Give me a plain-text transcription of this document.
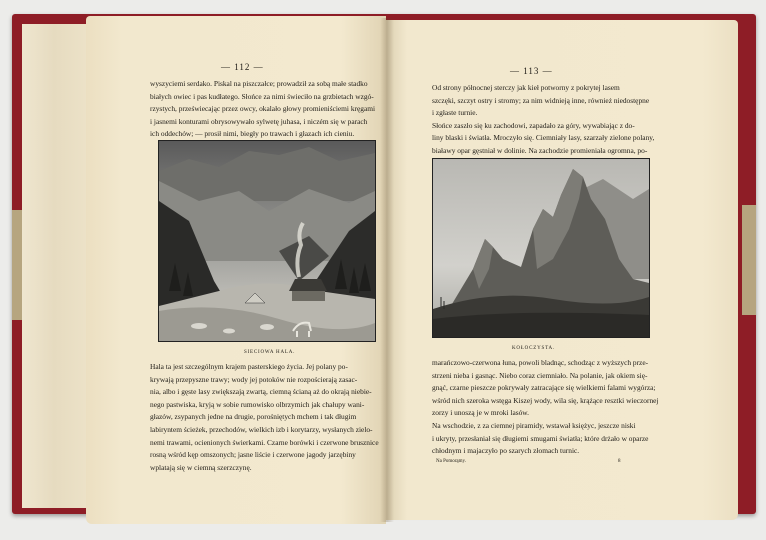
— 112 —
wyszyciemi serdako. Piskal na piszczałce; prowadził za sobą małe stadko
białych owiec i pas kudłatego. Słońce za nimi świeciło na grzbietach wzgó-
rzystych, przeświecając przez owcy, okalało głowy promieniściemi kręgami
i jasnemi konturami obrysowywało sylwetę juhasa, i niczém się w parach
ich oddechów; — prosił nimi, biegły po trawach i głazach ich cieniu.
SIECIOWA HALA.
Hala ta jest szczególnym krajem pasterskiego życia. Jej polany po-
krywają przepyszne trawy; wody jej potoków nie rozpościerają zasac-
nia, albo i gęste lasy zwiększają zwartą, ciemną ścianą aż do okrają niebie-
nego pastwiska, kryją w sobie rumowisko olbrzymich jak chałupy wani-
głazów, zsypanych jedne na drugie, porośniętych mchem i tak długim
labiryntem ścieżek, przechodów, wielkich izb i korytarzy, wysłanych zielo-
nemi trawami, ocienionych świerkami. Czarne borówki i czerwone brusznice
rosną wśród kęp omszonych; jasne liście i czerwone jagody jarzębiny
wplatają się w ciemną szerzczynę.
— 113 —
Od strony północnej sterczy jak kieł potworny z pokrytej lasem
szczęki, szczyt ostry i stromy; za nim widnieją inne, również niedostępne
i zgłaste turnie.
Słońce zaszło się ku zachodowi, zapadało za góry, wywabiając z do-
liny blaski i światła. Mroczyło się. Ciemniały lasy, szarzały zielone polany,
białawy opar gęstniał w dolinie. Na zachodzie promieniała ogromna, po-
KOŁOCZYSTA.
marańczowo-czerwona łuna, powoli bladnąc, schodząc z wyższych prze-
strzeni nieba i gasnąc. Niebo coraz ciemniało. Na polanie, jak okiem się-
gnąć, czarne pieszcze pokrywały zatracające się wielkiemi falami wygórza;
wśród nich szeroka wstęga Kiszej wody, wila się, krążące resztki wieczornej
zorzy i unoszą je w mroki lasów.
Na wschodzie, z za ciemnej piramidy, wstawał księżyc, jeszcze niski
i ukryty, przesłaniał się długiemi smugami światła; które drżało w oparze
chłodnym i majaczyło po szarych złomach turnic.
Na Pomorąmy.	8
